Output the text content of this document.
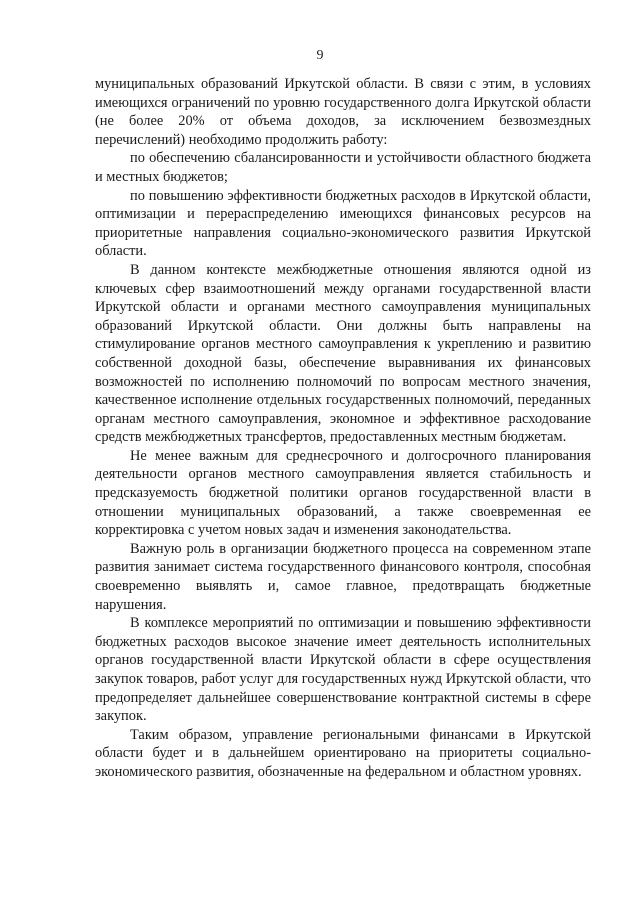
9

муниципальных образований Иркутской области. В связи с этим, в условиях имеющихся ограничений по уровню государственного долга Иркутской области (не более 20% от объема доходов, за исключением безвозмездных перечислений) необходимо продолжить работу:

по обеспечению сбалансированности и устойчивости областного бюджета и местных бюджетов;

по повышению эффективности бюджетных расходов в Иркутской области, оптимизации и перераспределению имеющихся финансовых ресурсов на приоритетные направления социально-экономического развития Иркутской области.

В данном контексте межбюджетные отношения являются одной из ключевых сфер взаимоотношений между органами государственной власти Иркутской области и органами местного самоуправления муниципальных образований Иркутской области. Они должны быть направлены на стимулирование органов местного самоуправления к укреплению и развитию собственной доходной базы, обеспечение выравнивания их финансовых возможностей по исполнению полномочий по вопросам местного значения, качественное исполнение отдельных государственных полномочий, переданных органам местного самоуправления, экономное и эффективное расходование средств межбюджетных трансфертов, предоставленных местным бюджетам.

Не менее важным для среднесрочного и долгосрочного планирования деятельности органов местного самоуправления является стабильность и предсказуемость бюджетной политики органов государственной власти в отношении муниципальных образований, а также своевременная ее корректировка с учетом новых задач и изменения законодательства.

Важную роль в организации бюджетного процесса на современном этапе развития занимает система государственного финансового контроля, способная своевременно выявлять и, самое главное, предотвращать бюджетные нарушения.

В комплексе мероприятий по оптимизации и повышению эффективности бюджетных расходов высокое значение имеет деятельность исполнительных органов государственной власти Иркутской области в сфере осуществления закупок товаров, работ услуг для государственных нужд Иркутской области, что предопределяет дальнейшее совершенствование контрактной системы в сфере закупок.

Таким образом, управление региональными финансами в Иркутской области будет и в дальнейшем ориентировано на приоритеты социально-экономического развития, обозначенные на федеральном и областном уровнях.
